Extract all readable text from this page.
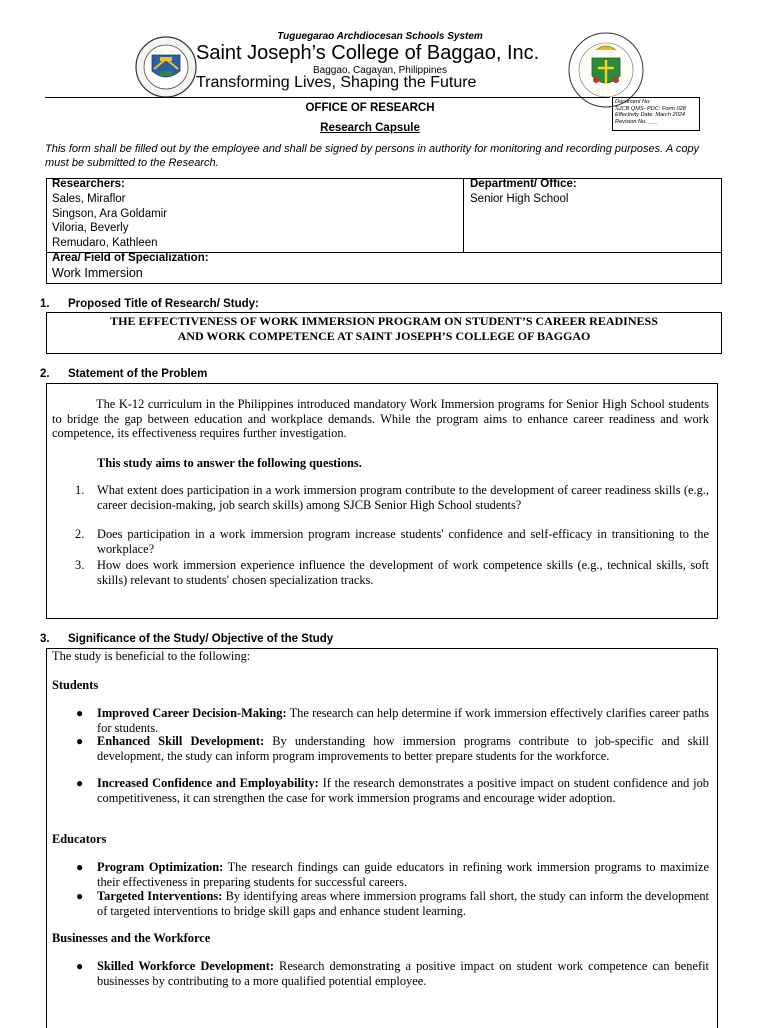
Tuguegarao Archdiocesan Schools System
Saint Joseph’s College of Baggao, Inc.
Baggao, Cagayan, Philippines
Transforming Lives, Shaping the Future
OFFICE OF RESEARCH
Research Capsule
Document No:
SJCB QMS- PDC: Form 028
Effectivity Date: March 2024
Revision No. ___
This form shall be filled out by the employee and shall be signed by persons in authority for monitoring and recording purposes. A copy must be submitted to the Research.
Researchers:
Sales, Miraflor
Singson, Ara Goldamir
Viloria, Beverly
Remudaro, Kathleen
Department/ Office:
Senior High School
Area/ Field of Specialization:
Work Immersion
1. Proposed Title of Research/ Study:
THE EFFECTIVENESS OF WORK IMMERSION PROGRAM ON STUDENT’S CAREER READINESS
AND WORK COMPETENCE AT SAINT JOSEPH’S COLLEGE OF BAGGAO
2. Statement of the Problem
The K-12 curriculum in the Philippines introduced mandatory Work Immersion programs for Senior High School students to bridge the gap between education and workplace demands. While the program aims to enhance career readiness and work competence, its effectiveness requires further investigation.
This study aims to answer the following questions.
1. What extent does participation in a work immersion program contribute to the development of career readiness skills (e.g., career decision-making, job search skills) among SJCB Senior High School students?
2. Does participation in a work immersion program increase students' confidence and self-efficacy in transitioning to the workplace?
3. How does work immersion experience influence the development of work competence skills (e.g., technical skills, soft skills) relevant to students' chosen specialization tracks.
3. Significance of the Study/ Objective of the Study
The study is beneficial to the following:
Students
● Improved Career Decision-Making: The research can help determine if work immersion effectively clarifies career paths for students.
● Enhanced Skill Development: By understanding how immersion programs contribute to job-specific and skill development, the study can inform program improvements to better prepare students for the workforce.
● Increased Confidence and Employability: If the research demonstrates a positive impact on student confidence and job competitiveness, it can strengthen the case for work immersion programs and encourage wider adoption.
Educators
● Program Optimization: The research findings can guide educators in refining work immersion programs to maximize their effectiveness in preparing students for successful careers.
● Targeted Interventions: By identifying areas where immersion programs fall short, the study can inform the development of targeted interventions to bridge skill gaps and enhance student learning.
Businesses and the Workforce
● Skilled Workforce Development: Research demonstrating a positive impact on student work competence can benefit businesses by contributing to a more qualified potential employee.
